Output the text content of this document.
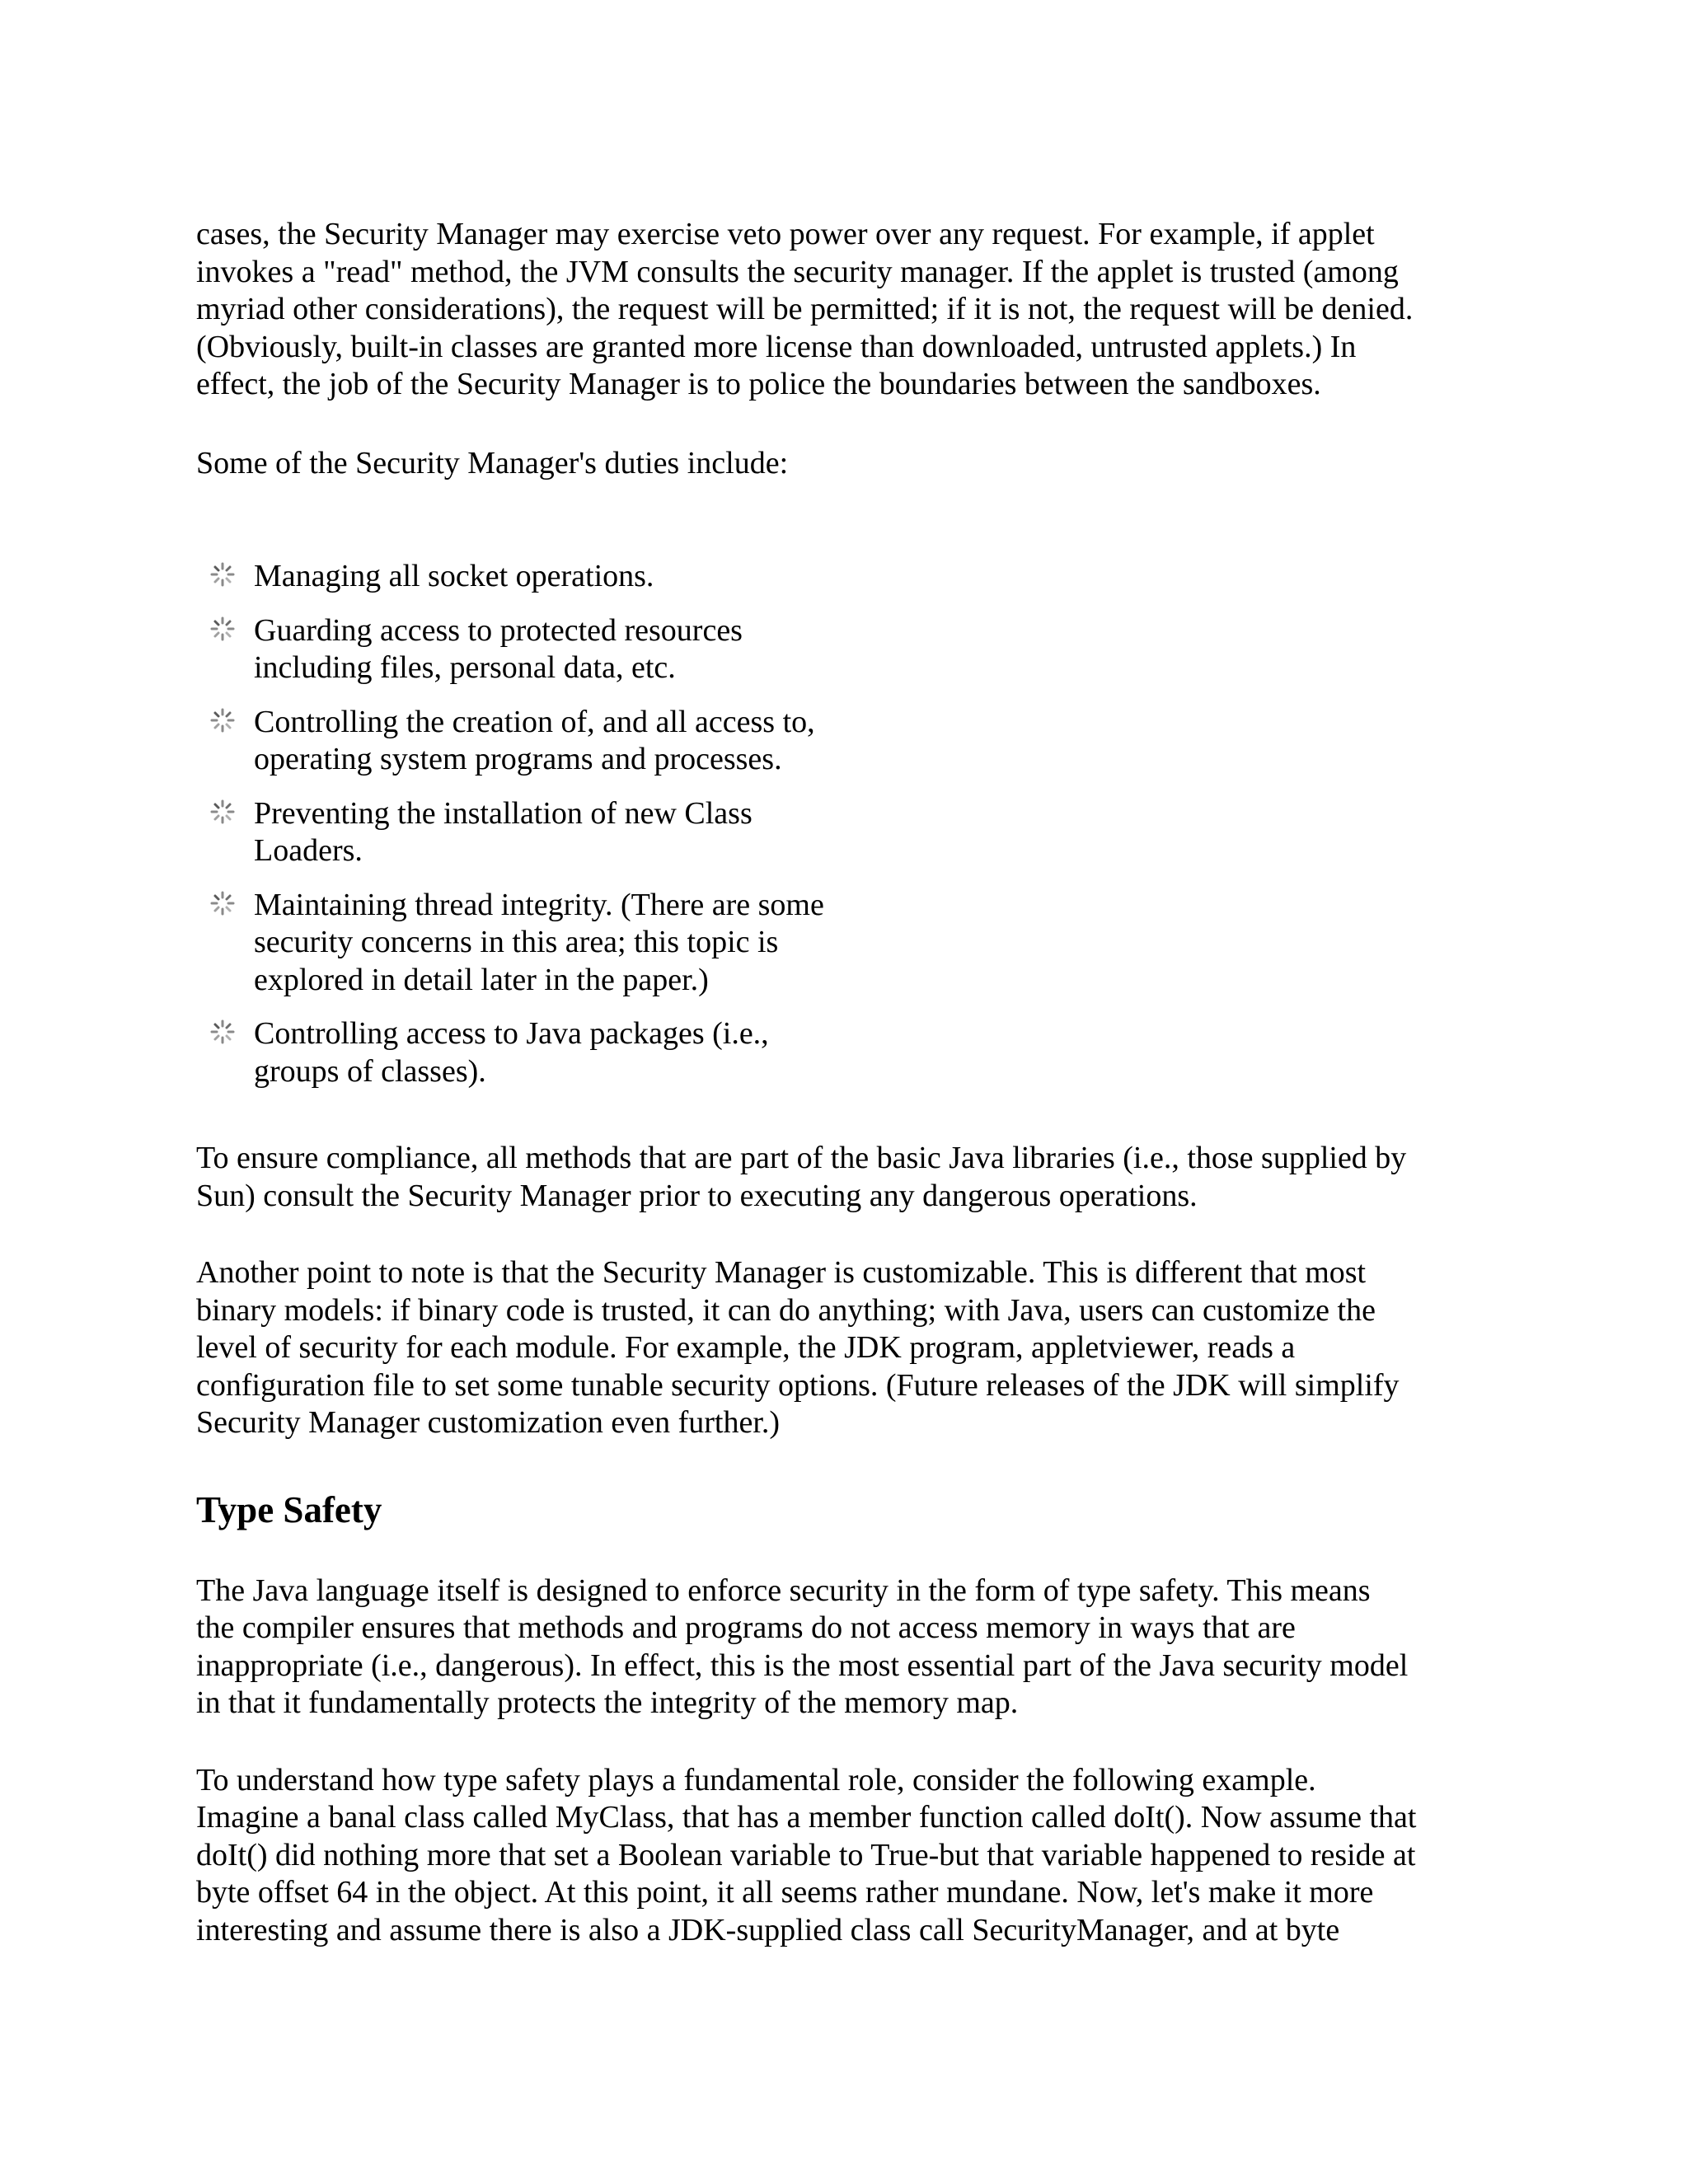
cases, the Security Manager may exercise veto power over any request. For example, if applet
invokes a "read" method, the JVM consults the security manager. If the applet is trusted (among
myriad other considerations), the request will be permitted; if it is not, the request will be denied.
(Obviously, built-in classes are granted more license than downloaded, untrusted applets.) In
effect, the job of the Security Manager is to police the boundaries between the sandboxes.

Some of the Security Manager's duties include:

Managing all socket operations.
Guarding access to protected resources
including files, personal data, etc.
Controlling the creation of, and all access to,
operating system programs and processes.
Preventing the installation of new Class
Loaders.
Maintaining thread integrity. (There are some
security concerns in this area; this topic is
explored in detail later in the paper.)
Controlling access to Java packages (i.e.,
groups of classes).

To ensure compliance, all methods that are part of the basic Java libraries (i.e., those supplied by
Sun) consult the Security Manager prior to executing any dangerous operations.

Another point to note is that the Security Manager is customizable. This is different that most
binary models: if binary code is trusted, it can do anything; with Java, users can customize the
level of security for each module. For example, the JDK program, appletviewer, reads a
configuration file to set some tunable security options. (Future releases of the JDK will simplify
Security Manager customization even further.)

Type Safety

The Java language itself is designed to enforce security in the form of type safety. This means
the compiler ensures that methods and programs do not access memory in ways that are
inappropriate (i.e., dangerous). In effect, this is the most essential part of the Java security model
in that it fundamentally protects the integrity of the memory map.

To understand how type safety plays a fundamental role, consider the following example.
Imagine a banal class called MyClass, that has a member function called doIt(). Now assume that
doIt() did nothing more that set a Boolean variable to True-but that variable happened to reside at
byte offset 64 in the object. At this point, it all seems rather mundane. Now, let's make it more
interesting and assume there is also a JDK-supplied class call SecurityManager, and at byte
